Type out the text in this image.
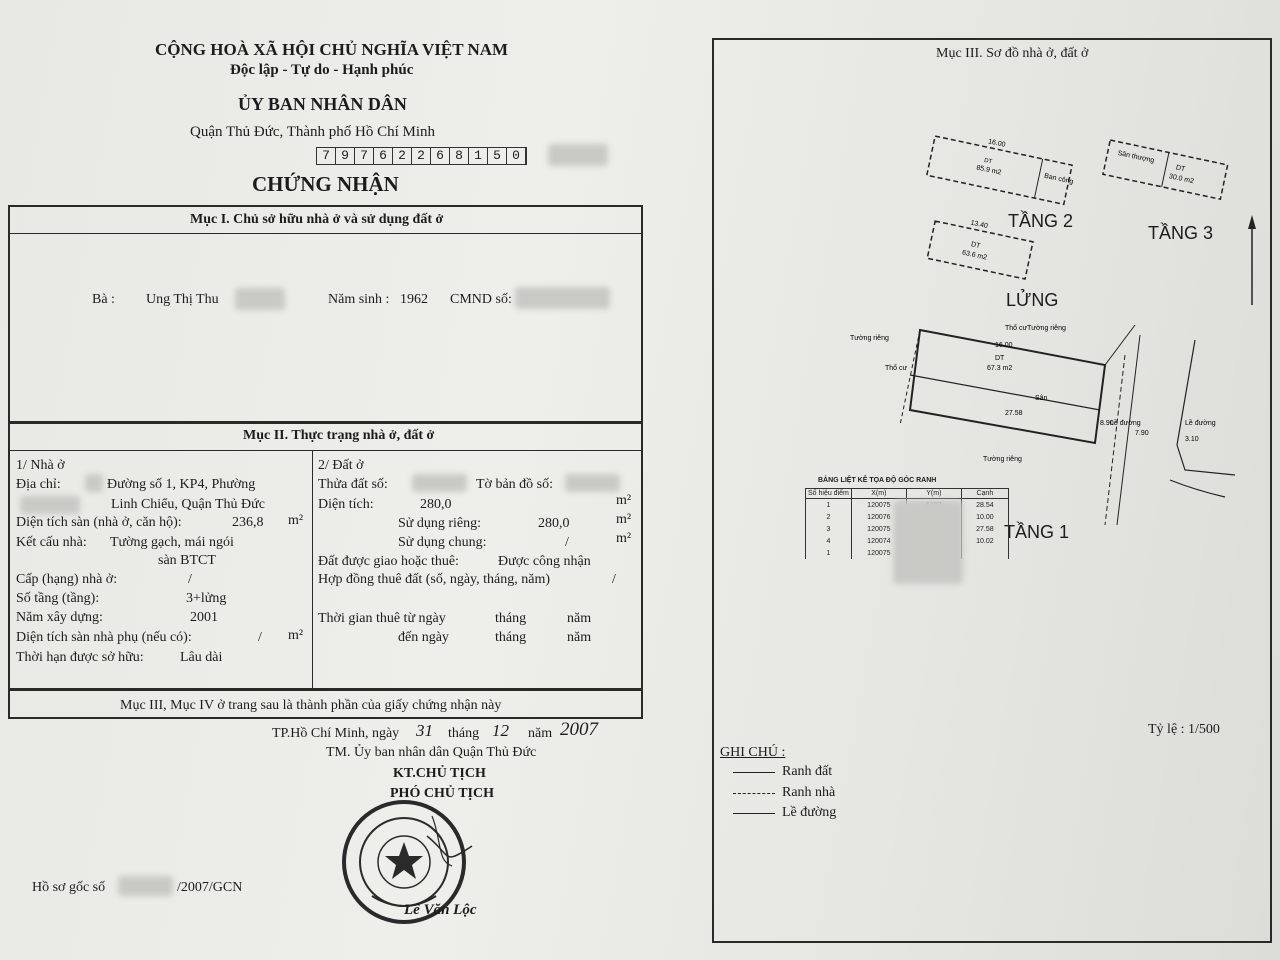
CỘNG HOÀ XÃ HỘI CHỦ NGHĨA VIỆT NAM
Độc lập - Tự do - Hạnh phúc
ỦY BAN NHÂN DÂN
Quận Thủ Đức, Thành phố Hồ Chí Minh
7 9 7 6 2 2 6 8 1 5 0
CHỨNG NHẬN
Mục I. Chủ sở hữu nhà ở và sử dụng đất ở
Bà : Ung Thị Thu	Năm sinh : 1962 CMND số:
Mục II. Thực trạng nhà ở, đất ở
1/ Nhà ở
Địa chỉ:	Đường số 1, KP4, Phường
Linh Chiểu, Quận Thủ Đức
Diện tích sàn (nhà ở, căn hộ):	236,8 m²
Kết cấu nhà: Tường gạch, mái ngói
sàn BTCT
Cấp (hạng) nhà ở:	/
Số tầng (tầng):	3+lửng
Năm xây dựng:	2001
Diện tích sàn nhà phụ (nếu có):	/ m²
Thời hạn được sở hữu:	Lâu dài
2/ Đất ở
Thửa đất số:	Tờ bản đồ số:
Diện tích:	280,0	m²
Sử dụng riêng:	280,0	m²
Sử dụng chung:	/	m²
Đất được giao hoặc thuê:	Được công nhận
Hợp đồng thuê đất (số, ngày, tháng, năm)	/
Thời gian thuê từ ngày	tháng	năm
đến ngày	tháng	năm
Mục III, Mục IV ở trang sau là thành phần của giấy chứng nhận này
TP.Hồ Chí Minh, ngày 31 tháng 12 năm 2007
TM. Ủy ban nhân dân Quận Thủ Đức
KT.CHỦ TỊCH
PHÓ CHỦ TỊCH
Lê Văn Lộc
Hồ sơ gốc số	/2007/GCN
Mục III. Sơ đồ nhà ở, đất ở
DT
85.9 m2
16.00
Ban công
Sân thượng
DT
30.0 m2
DT
63.6 m2
13.40
DT
67.3 m2
16.00
27.58
Sân
Tường riêng
Tường riêng
Tường riêng
Thổ cư
Thổ cư
Lề đường	Lề đường
7.90
3.10
8.90
TẦNG 2
TẦNG 3
LỬNG
TẦNG 1
BẢNG LIỆT KÊ TỌA ĐỘ GÓC RANH
Số hiệu điểm	X(m)	Y(m)	Cạnh
1	120075		28.54
2	120076		10.00
3	120075		27.58
4	120074		10.02
1	120075		
Tỷ lệ : 1/500
GHI CHÚ :
Ranh đất
Ranh nhà
Lề đường
